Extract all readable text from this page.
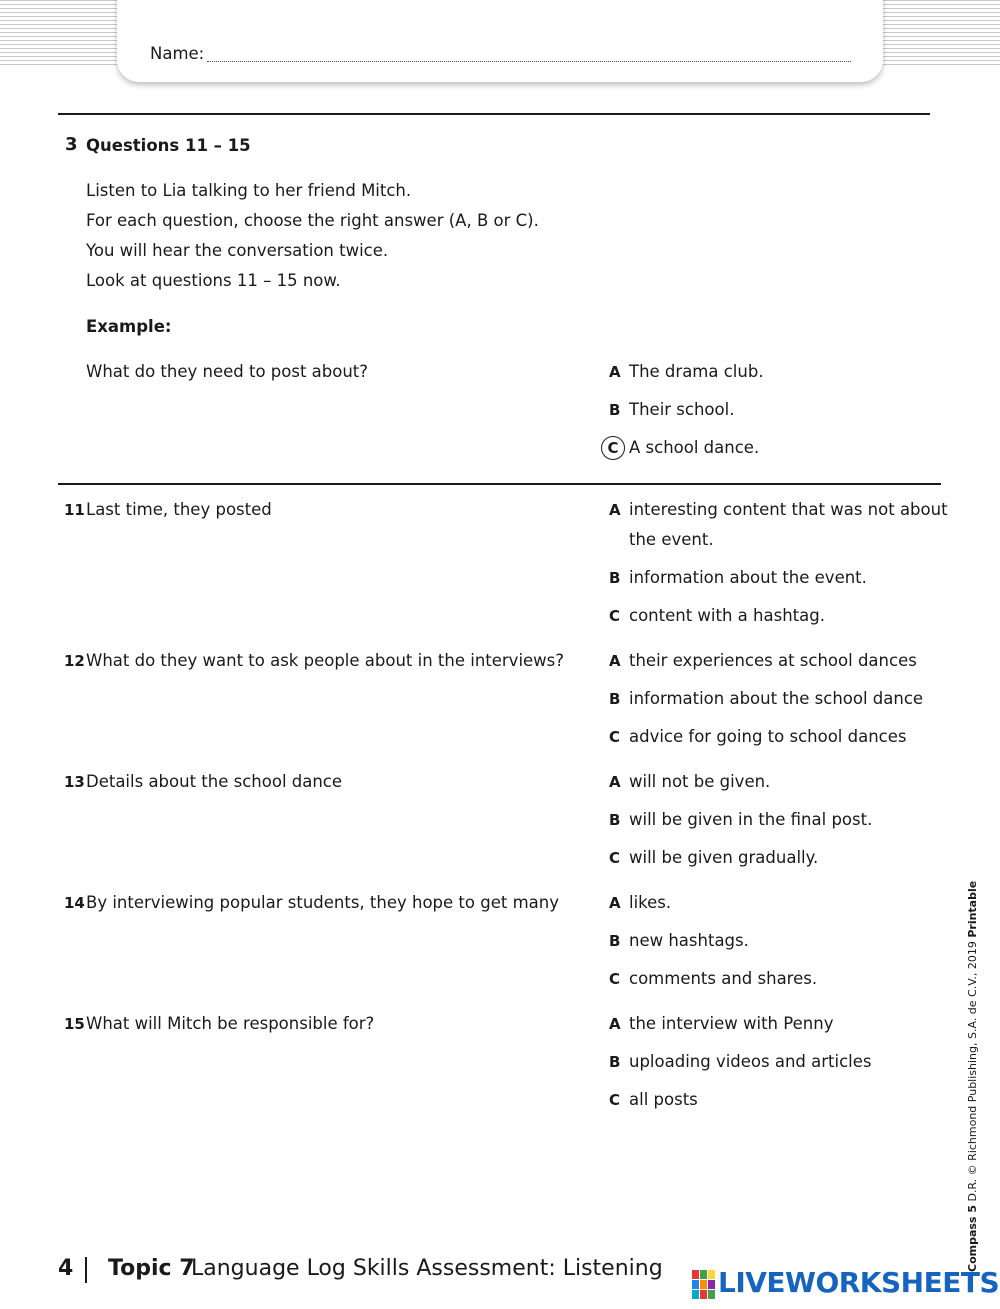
Name:
3 Questions 11 – 15
Listen to Lia talking to her friend Mitch.
For each question, choose the right answer (A, B or C).
You will hear the conversation twice.
Look at questions 11 – 15 now.
Example:
What do they need to post about?	A The drama club.
B Their school.
C A school dance.
11 Last time, they posted	A interesting content that was not about
the event.
B information about the event.
C content with a hashtag.
12 What do they want to ask people about in the interviews?	A their experiences at school dances
B information about the school dance
C advice for going to school dances
13 Details about the school dance	A will not be given.
B will be given in the final post.
C will be given gradually.
14 By interviewing popular students, they hope to get many	A likes.
B new hashtags.
C comments and shares.
15 What will Mitch be responsible for?	A the interview with Penny
B uploading videos and articles
C all posts
Compass 5 D.R. © Richmond Publishing, S.A. de C.V., 2019 Printable
4 Topic 7
Language Log Skills Assessment: Listening LIVEWORKSHEETS
